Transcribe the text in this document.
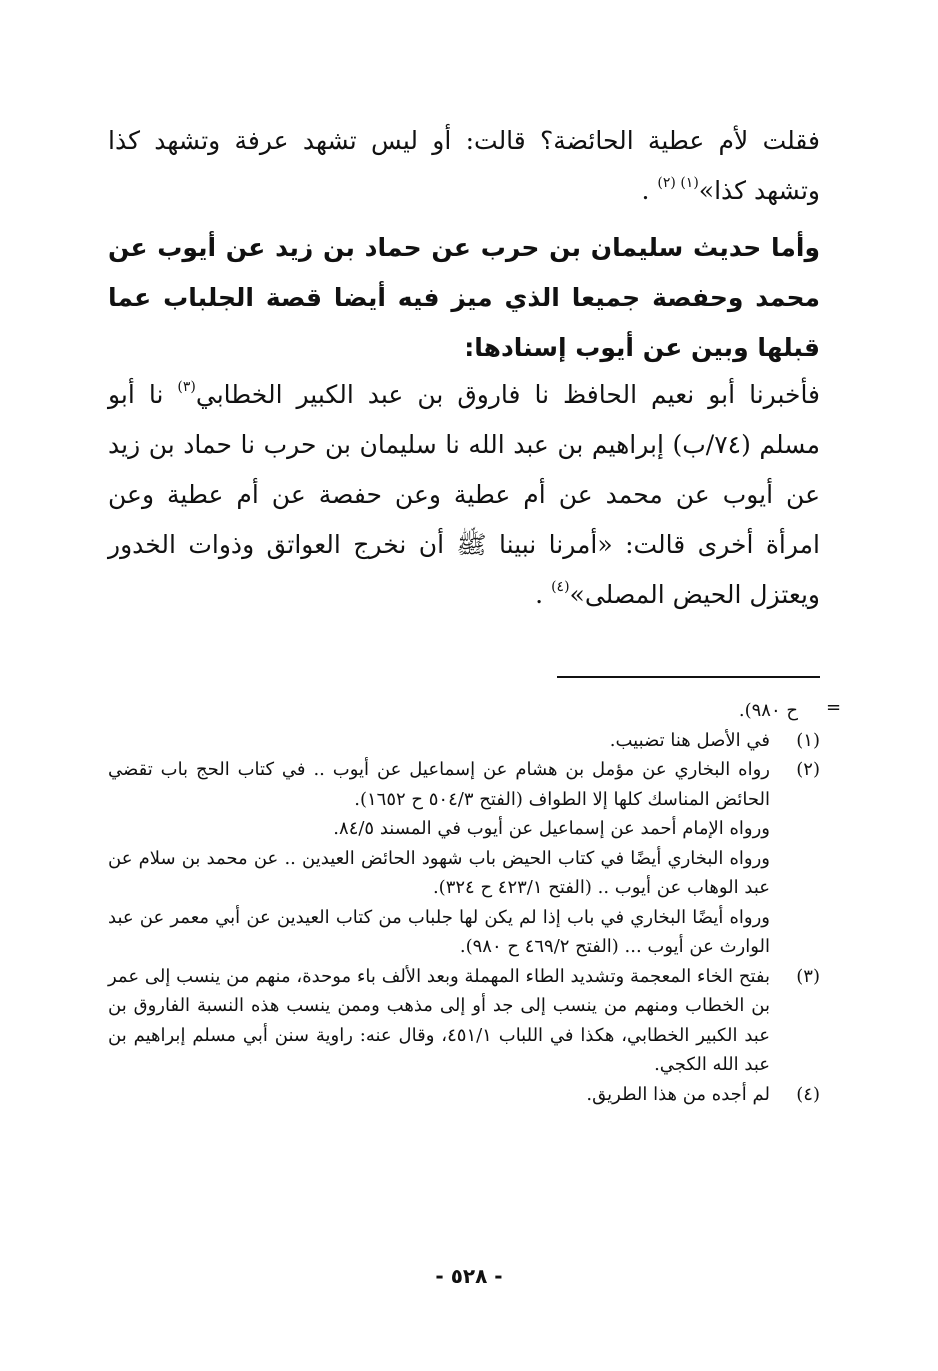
فقلت لأم عطية الحائضة؟ قالت: أو ليس تشهد عرفة وتشهد كذا وتشهد كذا»$^{(١) (٢)}$ .

وأما حديث سليمان بن حرب عن حماد بن زيد عن أيوب عن محمد وحفصة جميعا الذي ميز فيه أيضا قصة الجلباب عما قبلها وبين عن أيوب إسنادها:

فأخبرنا أبو نعيم الحافظ نا فاروق بن عبد الكبير الخطابي$^{(٣)}$ نا أبو مسلم (٧٤/ب) إبراهيم بن عبد الله نا سليمان بن حرب نا حماد بن زيد عن أيوب عن محمد عن أم عطية وعن حفصة عن أم عطية وعن امرأة أخرى قالت: «أمرنا نبينا ﷺ أن نخرج العواتق وذوات الخدور ويعتزل الحيض المصلى»$^{(٤)}$ .

=
ح ٩٨٠).
(١)
في الأصل هنا تضبيب.
(٢)
رواه البخاري عن مؤمل بن هشام عن إسماعيل عن أيوب .. في كتاب الحج باب تقضي الحائض المناسك كلها إلا الطواف (الفتح ٥٠٤/٣ ح ١٦٥٢).
ورواه الإمام أحمد عن إسماعيل عن أيوب في المسند ٨٤/٥.
ورواه البخاري أيضًا في كتاب الحيض باب شهود الحائض العيدين .. عن محمد بن سلام عن عبد الوهاب عن أيوب .. (الفتح ٤٢٣/١ ح ٣٢٤).
ورواه أيضًا البخاري في باب إذا لم يكن لها جلباب من كتاب العيدين عن أبي معمر عن عبد الوارث عن أيوب ... (الفتح ٤٦٩/٢ ح ٩٨٠).
(٣)
بفتح الخاء المعجمة وتشديد الطاء المهملة وبعد الألف باء موحدة، منهم من ينسب إلى عمر بن الخطاب ومنهم من ينسب إلى جد أو إلى مذهب وممن ينسب هذه النسبة الفاروق بن عبد الكبير الخطابي، هكذا في اللباب ٤٥١/١، وقال عنه: راوية سنن أبي مسلم إبراهيم بن عبد الله الكجي.
(٤)
لم أجده من هذا الطريق.
- ٥٢٨ -
